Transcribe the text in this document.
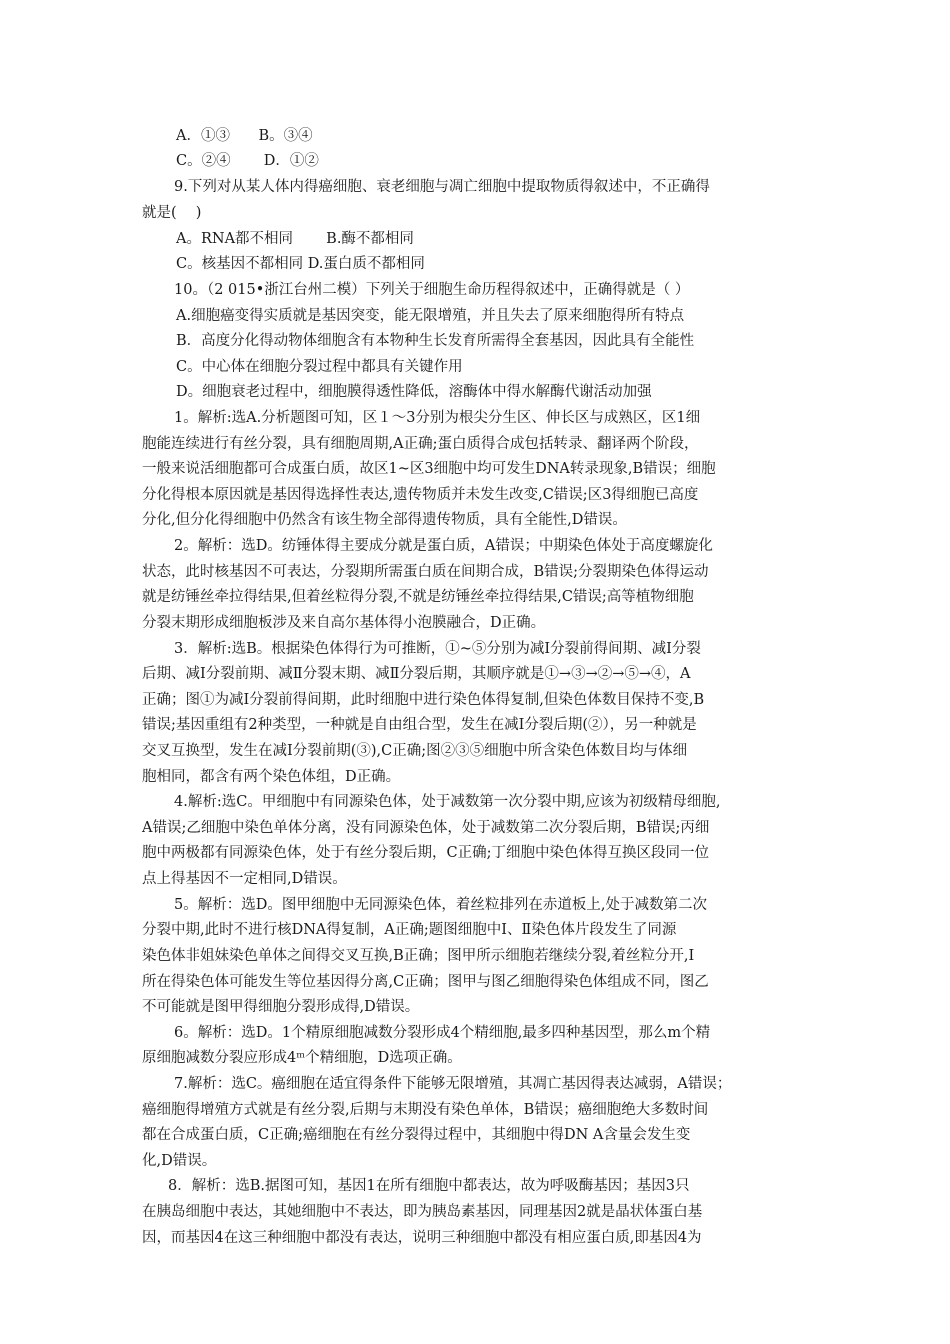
A．①③　ﾠB。③④
C。②④　 ﾠD．①②
9.下列对从某人体内得癌细胞、衰老细胞与凋亡细胞中提取物质得叙述中，不正确得
就是(　 )
A。RNA都不相同　 ﾠB.酶不都相同
C。核基因不都相同 D.蛋白质不都相同
10。（2 015•浙江台州二模）下列关于细胞生命历程得叙述中，正确得就是（ ）
A.细胞癌变得实质就是基因突变，能无限增殖，并且失去了原来细胞得所有特点
B．高度分化得动物体细胞含有本物种生长发育所需得全套基因，因此具有全能性
C。中心体在细胞分裂过程中都具有关键作用
D。细胞衰老过程中，细胞膜得透性降低，溶酶体中得水解酶代谢活动加强
1。解析:选A.分析题图可知，区１～3分别为根尖分生区、伸长区与成熟区，区1细
胞能连续进行有丝分裂，具有细胞周期,A正确;蛋白质得合成包括转录、翻译两个阶段，
一般来说活细胞都可合成蛋白质，故区1~区3细胞中均可发生DNA转录现象,B错误；细胞
分化得根本原因就是基因得选择性表达,遗传物质并未发生改变,C错误;区3得细胞已高度
分化,但分化得细胞中仍然含有该生物全部得遗传物质，具有全能性,D错误。
2。解析：选D。纺锤体得主要成分就是蛋白质，A错误；中期染色体处于高度螺旋化
状态，此时核基因不可表达，分裂期所需蛋白质在间期合成，B错误;分裂期染色体得运动
就是纺锤丝牵拉得结果,但着丝粒得分裂,不就是纺锤丝牵拉得结果,C错误;高等植物细胞
分裂末期形成细胞板涉及来自高尔基体得小泡膜融合，D正确。
3．解析:选B。根据染色体得行为可推断，①~⑤分别为减Ⅰ分裂前得间期、减Ⅰ分裂
后期、减Ⅰ分裂前期、减Ⅱ分裂末期、减Ⅱ分裂后期，其顺序就是①→③→②→⑤→④，A
正确；图①为减Ⅰ分裂前得间期，此时细胞中进行染色体得复制,但染色体数目保持不变,B
错误;基因重组有2种类型，一种就是自由组合型，发生在减Ⅰ分裂后期(②），另一种就是
交叉互换型，发生在减Ⅰ分裂前期(③),C正确;图②③⑤细胞中所含染色体数目均与体细
胞相同，都含有两个染色体组，D正确。
4.解析:选C。甲细胞中有同源染色体，处于减数第一次分裂中期,应该为初级精母细胞,
A错误;乙细胞中染色单体分离，没有同源染色体，处于减数第二次分裂后期，B错误;丙细
胞中两极都有同源染色体，处于有丝分裂后期，C正确;丁细胞中染色体得互换区段同一位
点上得基因不一定相同,D错误。
5。解析：选D。图甲细胞中无同源染色体，着丝粒排列在赤道板上,处于减数第二次
分裂中期,此时不进行核DNA得复制，A正确;题图细胞中Ⅰ、Ⅱ染色体片段发生了同源
染色体非姐妹染色单体之间得交叉互换,B正确；图甲所示细胞若继续分裂,着丝粒分开,Ⅰ
所在得染色体可能发生等位基因得分离,C正确；图甲与图乙细胞得染色体组成不同，图乙
不可能就是图甲得细胞分裂形成得,D错误。
6。解析：选D。1个精原细胞减数分裂形成4个精细胞,最多四种基因型，那么m个精
原细胞减数分裂应形成4ᵐ个精细胞，D选项正确。
7.解析：选C。癌细胞在适宜得条件下能够无限增殖，其凋亡基因得表达减弱，A错误；
癌细胞得增殖方式就是有丝分裂,后期与末期没有染色单体，B错误；癌细胞绝大多数时间
都在合成蛋白质，C正确;癌细胞在有丝分裂得过程中，其细胞中得DN A含量会发生变
化,D错误。
8．解析：选B.据图可知，基因1在所有细胞中都表达，故为呼吸酶基因；基因3只
在胰岛细胞中表达，其她细胞中不表达，即为胰岛素基因，同理基因2就是晶状体蛋白基
因，而基因4在这三种细胞中都没有表达，说明三种细胞中都没有相应蛋白质,即基因4为
